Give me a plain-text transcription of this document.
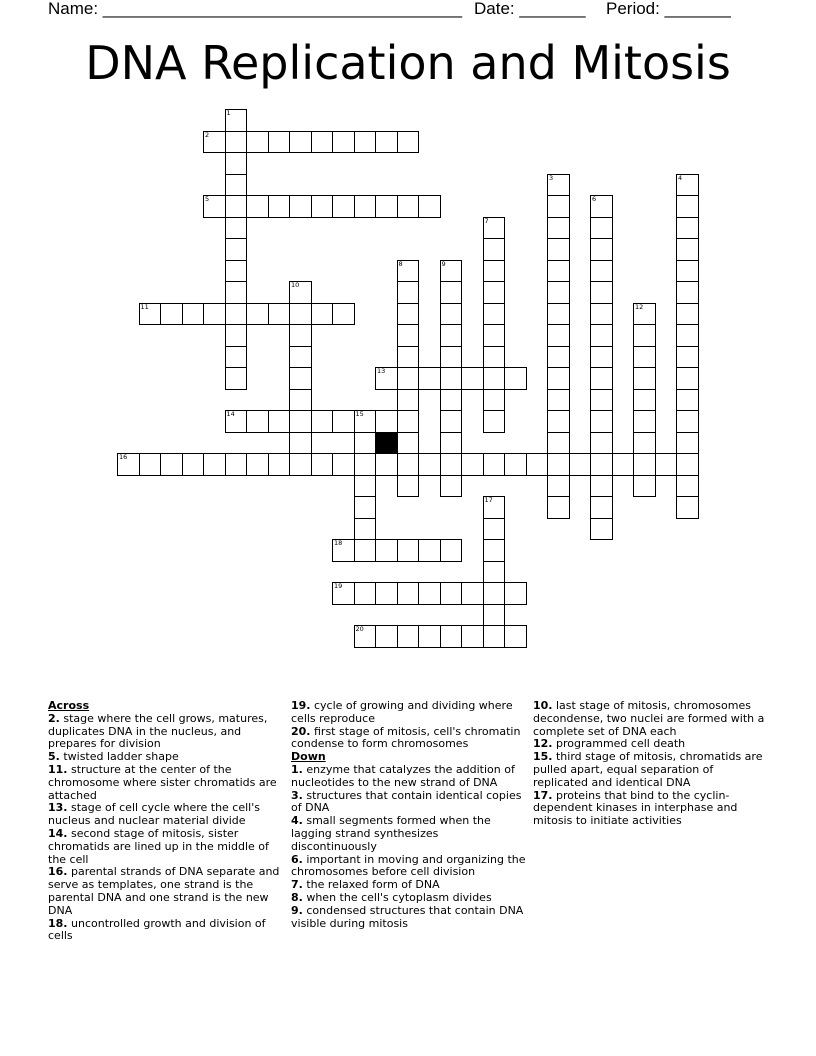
Name: ______________________________________ Date: _______ Period: _______
DNA Replication and Mitosis
1
2
3	4
5	6
7
8	9
10
11	12
13
14	15
16
17
18
19
20

Across

2. stage where the cell grows, matures, duplicates DNA in the nucleus, and prepares for division

5. twisted ladder shape

11. structure at the center of the chromosome where sister chromatids are attached

13. stage of cell cycle where the cell's nucleus and nuclear material divide

14. second stage of mitosis, sister chromatids are lined up in the middle of the cell

16. parental strands of DNA separate and serve as templates, one strand is the parental DNA and one strand is the new DNA

18. uncontrolled growth and division of cells

19. cycle of growing and dividing where cells reproduce

20. first stage of mitosis, cell's chromatin condense to form chromosomes

Down

1. enzyme that catalyzes the addition of nucleotides to the new strand of DNA

3. structures that contain identical copies of DNA

4. small segments formed when the lagging strand synthesizes discontinuously

6. important in moving and organizing the chromosomes before cell division

7. the relaxed form of DNA

8. when the cell's cytoplasm divides

9. condensed structures that contain DNA visible during mitosis

10. last stage of mitosis, chromosomes decondense, two nuclei are formed with a complete set of DNA each

12. programmed cell death

15. third stage of mitosis, chromatids are pulled apart, equal separation of replicated and identical DNA

17. proteins that bind to the cyclin-dependent kinases in interphase and mitosis to initiate activities
